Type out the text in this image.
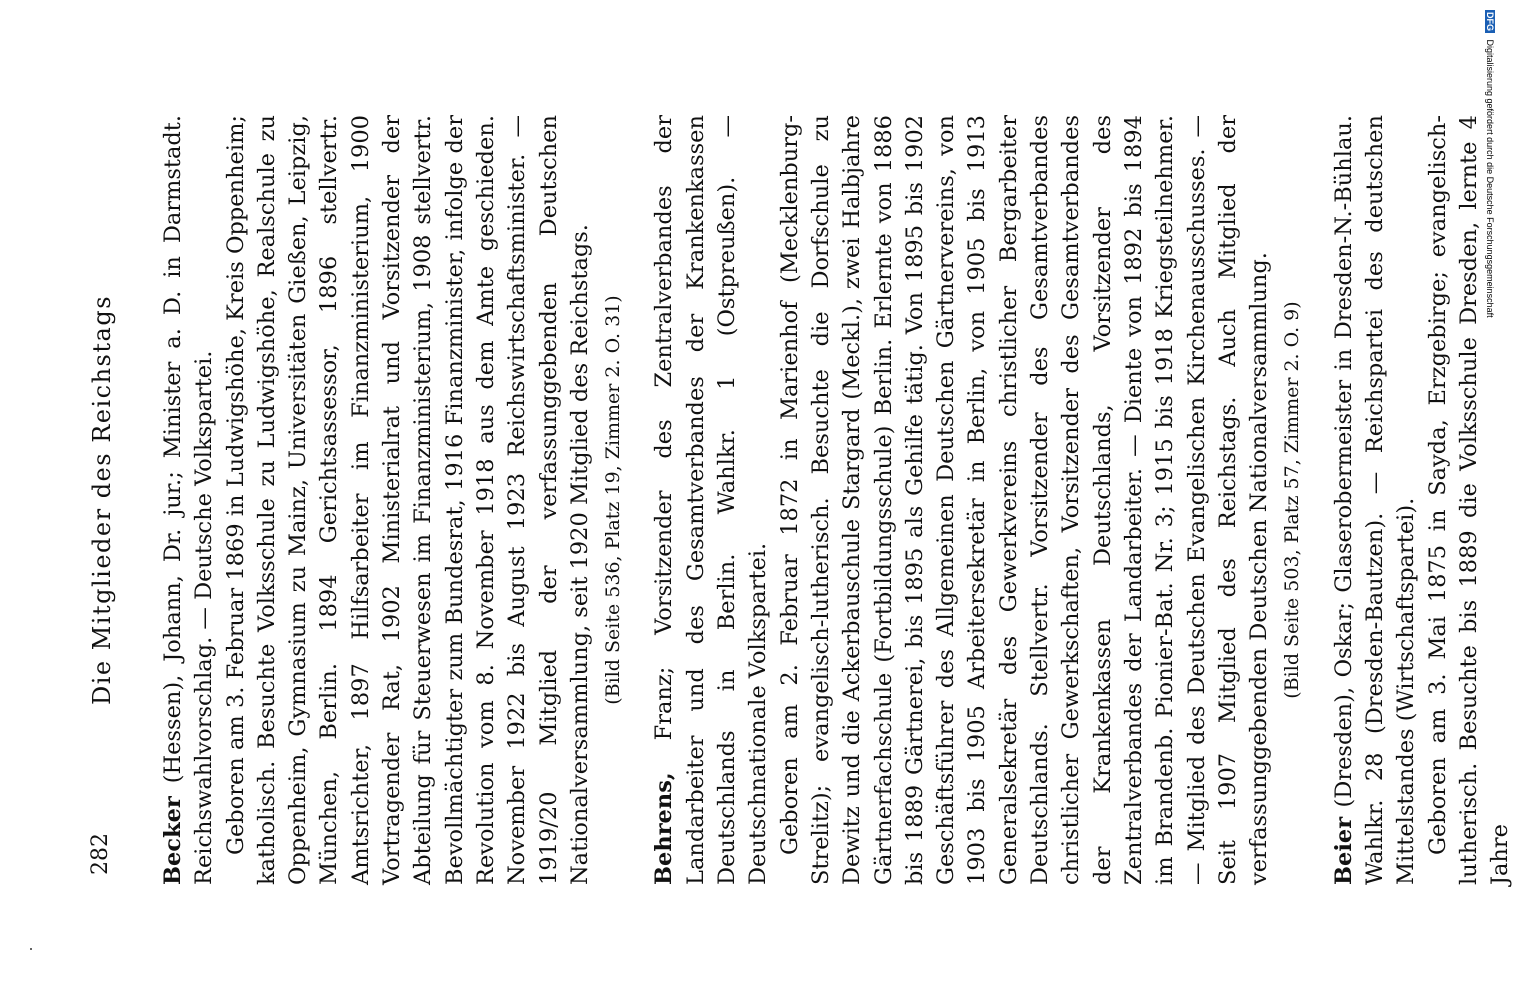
282
Die Mitglieder des Reichstags

Becker (Hessen), Johann, Dr. jur.; Minister a. D. in Darmstadt. Reichswahlvorschlag. — Deutsche Volkspartei. Geboren am 3. Februar 1869 in Ludwigshöhe, Kreis Oppenheim; katholisch. Besuchte Volksschule zu Ludwigshöhe, Realschule zu Oppenheim, Gymnasium zu Mainz, Universitäten Gießen, Leipzig, München, Berlin. 1894 Gerichtsassessor, 1896 stellvertr. Amtsrichter, 1897 Hilfsarbeiter im Finanzministerium, 1900 Vortragender Rat, 1902 Ministerialrat und Vorsitzender der Abteilung für Steuerwesen im Finanzministerium, 1908 stellvertr. Bevollmächtigter zum Bundesrat, 1916 Finanzminister, infolge der Revolution vom 8. November 1918 aus dem Amte geschieden. November 1922 bis August 1923 Reichswirtschaftsminister. — 1919/20 Mitglied der verfassunggebenden Deutschen Nationalversammlung, seit 1920 Mitglied des Reichstags. (Bild Seite 536, Platz 19, Zimmer 2. O. 31)

Behrens, Franz; Vorsitzender des Zentralverbandes der Landarbeiter und des Gesamtverbandes der Krankenkassen Deutschlands in Berlin. Wahlkr. 1 (Ostpreußen). — Deutschnationale Volkspartei. Geboren am 2. Februar 1872 in Marienhof (Mecklenburg-Strelitz); evangelisch-lutherisch. Besuchte die Dorfschule zu Dewitz und die Ackerbauschule Stargard (Meckl.), zwei Halbjahre Gärtnerfachschule (Fortbildungsschule) Berlin. Erlernte von 1886 bis 1889 Gärtnerei, bis 1895 als Gehilfe tätig. Von 1895 bis 1902 Geschäftsführer des Allgemeinen Deutschen Gärtnervereins, von 1903 bis 1905 Arbeitersekretär in Berlin, von 1905 bis 1913 Generalsekretär des Gewerkvereins christlicher Bergarbeiter Deutschlands. Stellvertr. Vorsitzender des Gesamtverbandes christlicher Gewerkschaften, Vorsitzender des Gesamtverbandes der Krankenkassen Deutschlands, Vorsitzender des Zentralverbandes der Landarbeiter. — Diente von 1892 bis 1894 im Brandenb. Pionier-Bat. Nr. 3; 1915 bis 1918 Kriegsteilnehmer. — Mitglied des Deutschen Evangelischen Kirchenausschusses. — Seit 1907 Mitglied des Reichstags. Auch Mitglied der verfassunggebenden Deutschen Nationalversammlung. (Bild Seite 503, Platz 57, Zimmer 2. O. 9)

Beier (Dresden), Oskar; Glaserobermeister in Dresden-N.-Bühlau. Wahlkr. 28 (Dresden-Bautzen). — Reichspartei des deutschen Mittelstandes (Wirtschaftspartei). Geboren am 3. Mai 1875 in Sayda, Erzgebirge; evangelisch-lutherisch. Besuchte bis 1889 die Volksschule Dresden, lernte 4 Jahre

DFG Digitalisierung gefördert durch die Deutsche Forschungsgemeinschaft
